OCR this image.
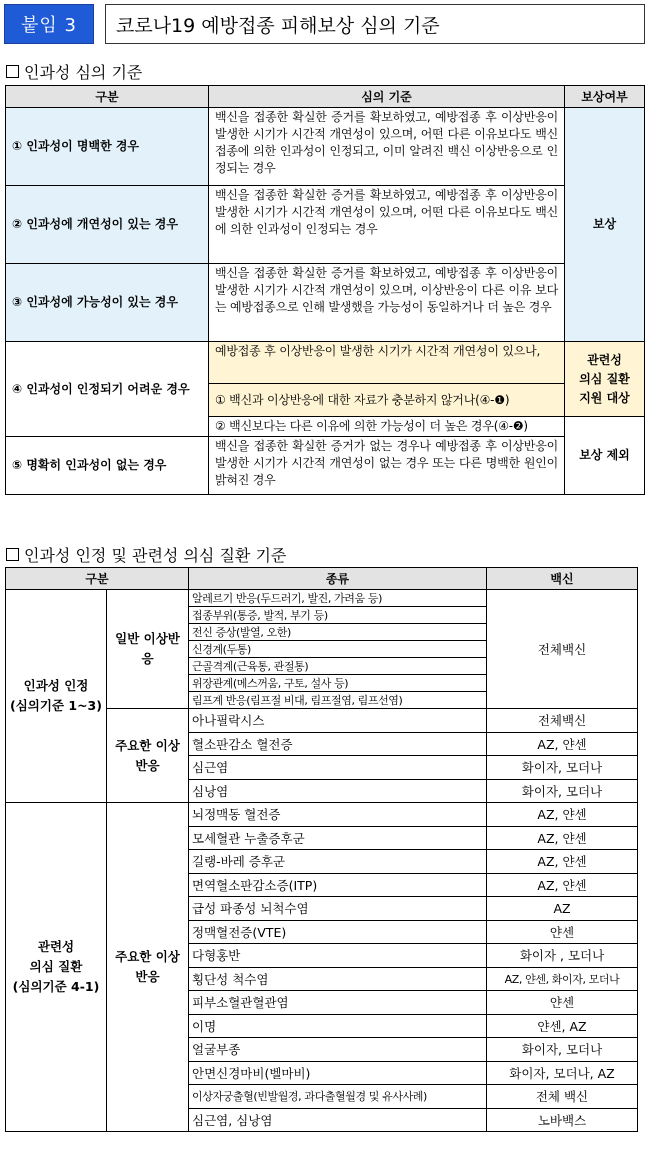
붙임 3	코로나19 예방접종 피해보상 심의 기준
인과성 심의 기준
구분	심의 기준	보상여부
① 인과성이 명백한 경우	백신을 접종한 확실한 증거를 확보하였고, 예방접종 후 이상반응이 발생한 시기가 시간적 개연성이 있으며, 어떤 다른 이유보다도 백신 접종에 의한 인과성이 인정되고, 이미 알려진 백신 이상반응으로 인정되는 경우	보상
② 인과성에 개연성이 있는 경우	백신을 접종한 확실한 증거를 확보하였고, 예방접종 후 이상반응이 발생한 시기가 시간적 개연성이 있으며, 어떤 다른 이유보다도 백신에 의한 인과성이 인정되는 경우	
③ 인과성에 가능성이 있는 경우	백신을 접종한 확실한 증거를 확보하였고, 예방접종 후 이상반응이 발생한 시기가 시간적 개연성이 있으며, 이상반응이 다른 이유 보다는 예방접종으로 인해 발생했을 가능성이 동일하거나 더 높은 경우	
④ 인과성이 인정되기 어려운 경우	예방접종 후 이상반응이 발생한 시기가 시간적 개연성이 있으나,	관련성
의심 질환
지원 대상

	① 백신과 이상반응에 대한 자료가 충분하지 않거나(④-❶)	
	② 백신보다는 다른 이유에 의한 가능성이 더 높은 경우(④-❷)	보상 제외
⑤ 명확히 인과성이 없는 경우	백신을 접종한 확실한 증거가 없는 경우나 예방접종 후 이상반응이 발생한 시기가 시간적 개연성이 없는 경우 또는 다른 명백한 원인이 밝혀진 경우	
인과성 인정 및 관련성 의심 질환 기준
구분		종류	백신

인과성 인정
(심의기준 1~3)	일반 이상반응	알레르기 반응(두드러기, 발진, 가려움 등)	전체백신
		접종부위(통증, 발적, 부기 등)	
		전신 증상(발열, 오한)	
		신경계(두통)	
		근골격계(근육통, 관절통)	
		위장관계(메스꺼움, 구토, 설사 등)	
		림프계 반응(림프절 비대, 림프절염, 림프선염)	
	주요한 이상반응	아나필락시스	전체백신
		혈소판감소 혈전증	AZ, 얀센
		심근염	화이자, 모더나
		심낭염	화이자, 모더나

관련성
의심 질환
(심의기준 4-1)	주요한 이상반응	뇌정맥동 혈전증	AZ, 얀센
		모세혈관 누출증후군	AZ, 얀센
		길랭-바레 증후군	AZ, 얀센
		면역혈소판감소증(ITP)	AZ, 얀센
		급성 파종성 뇌척수염	AZ
		정맥혈전증(VTE)	얀센
		다형홍반	화이자 , 모더나
		횡단성 척수염	AZ, 얀센, 화이자, 모더나
		피부소혈관혈관염	얀센
		이명	얀센, AZ
		얼굴부종	화이자, 모더나
		안면신경마비(벨마비)	화이자, 모더나, AZ
		이상자궁출혈(빈발월경, 과다출혈월경 및 유사사례)	전체 백신
		심근염, 심낭염	노바백스
